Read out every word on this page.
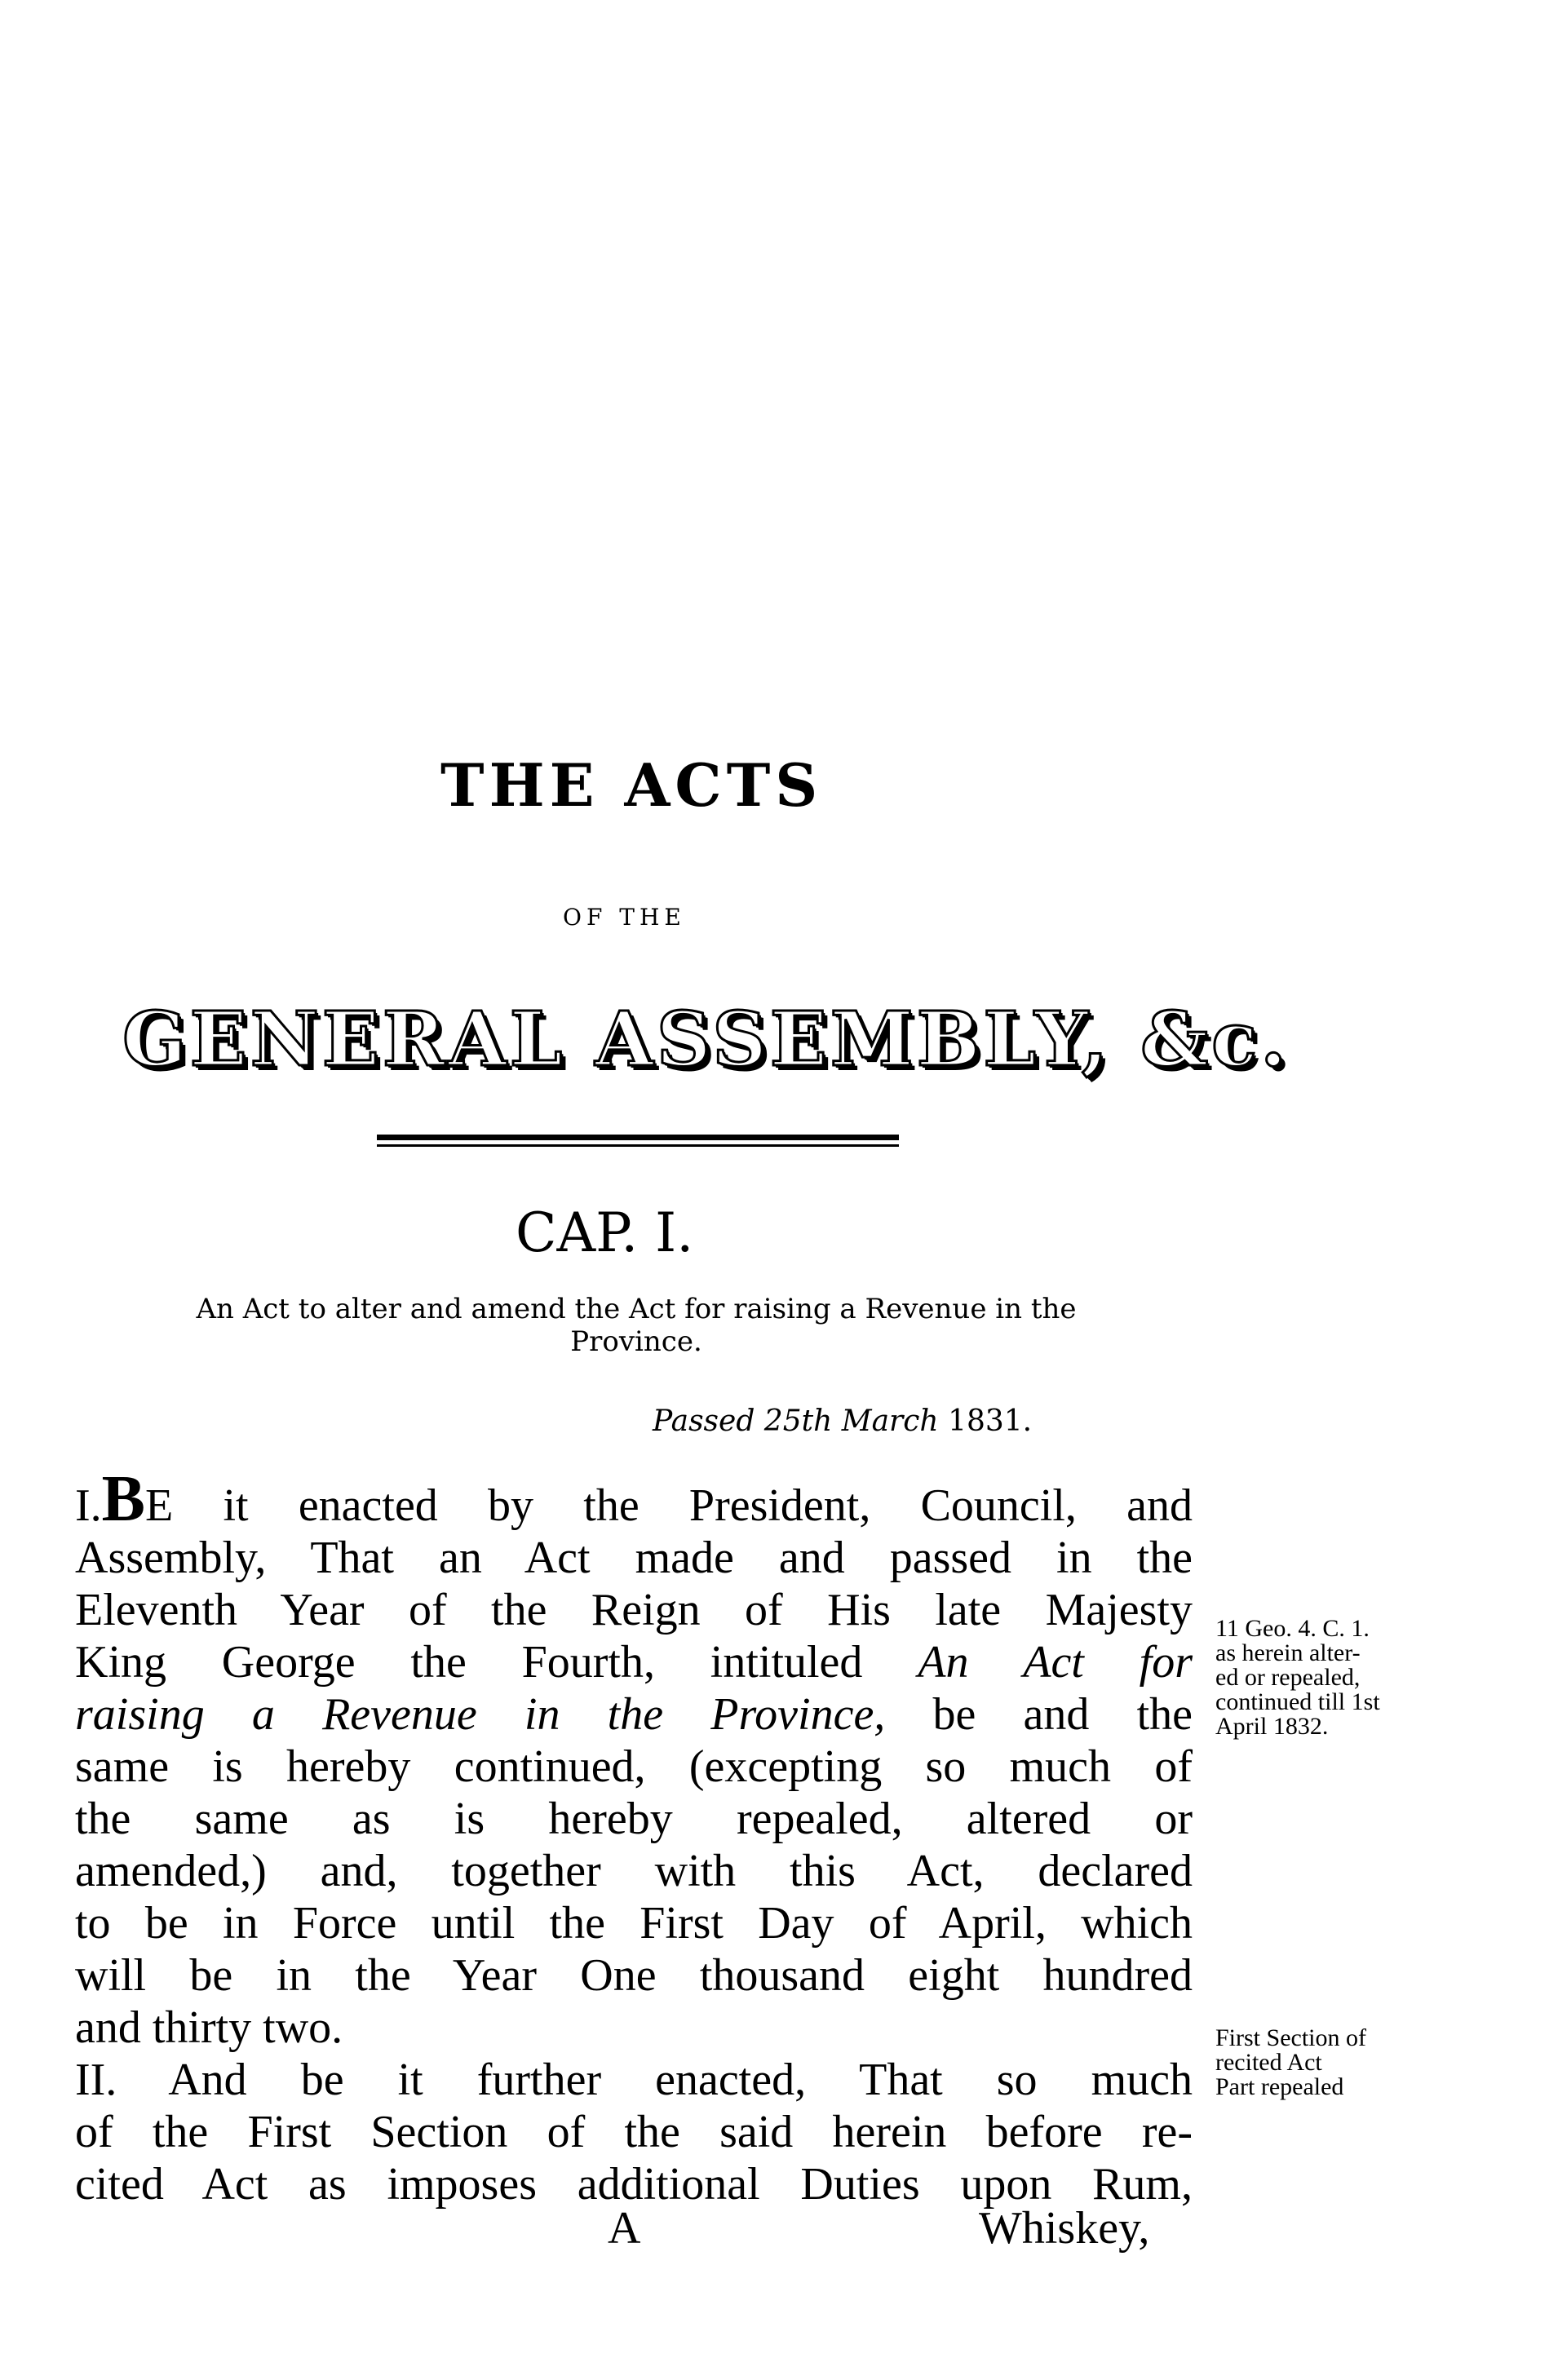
THE ACTS
OF THE
GENERAL ASSEMBLY, &c.
CAP. I.
An Act to alter and amend the Act for raising a Revenue in the
Province.
Passed 25th March 1831.
I.BE it enacted by the President, Council, and
Assembly, That an Act made and passed in the
Eleventh Year of the Reign of His late Majesty
King George the Fourth, intituled An Act for
raising a Revenue in the Province, be and the
same is hereby continued, (excepting so much of
the same as is hereby repealed, altered or
amended,) and, together with this Act, declared
to be in Force until the First Day of April, which
will be in the Year One thousand eight hundred
and thirty two.
II. And be it further enacted, That so much
of the First Section of the said herein before re-
cited Act as imposes additional Duties upon Rum,
A	Whiskey,
11 Geo. 4. C. 1.
as herein alter-
ed or repealed,
continued till 1st
April 1832.
First Section of
recited Act
Part repealed
